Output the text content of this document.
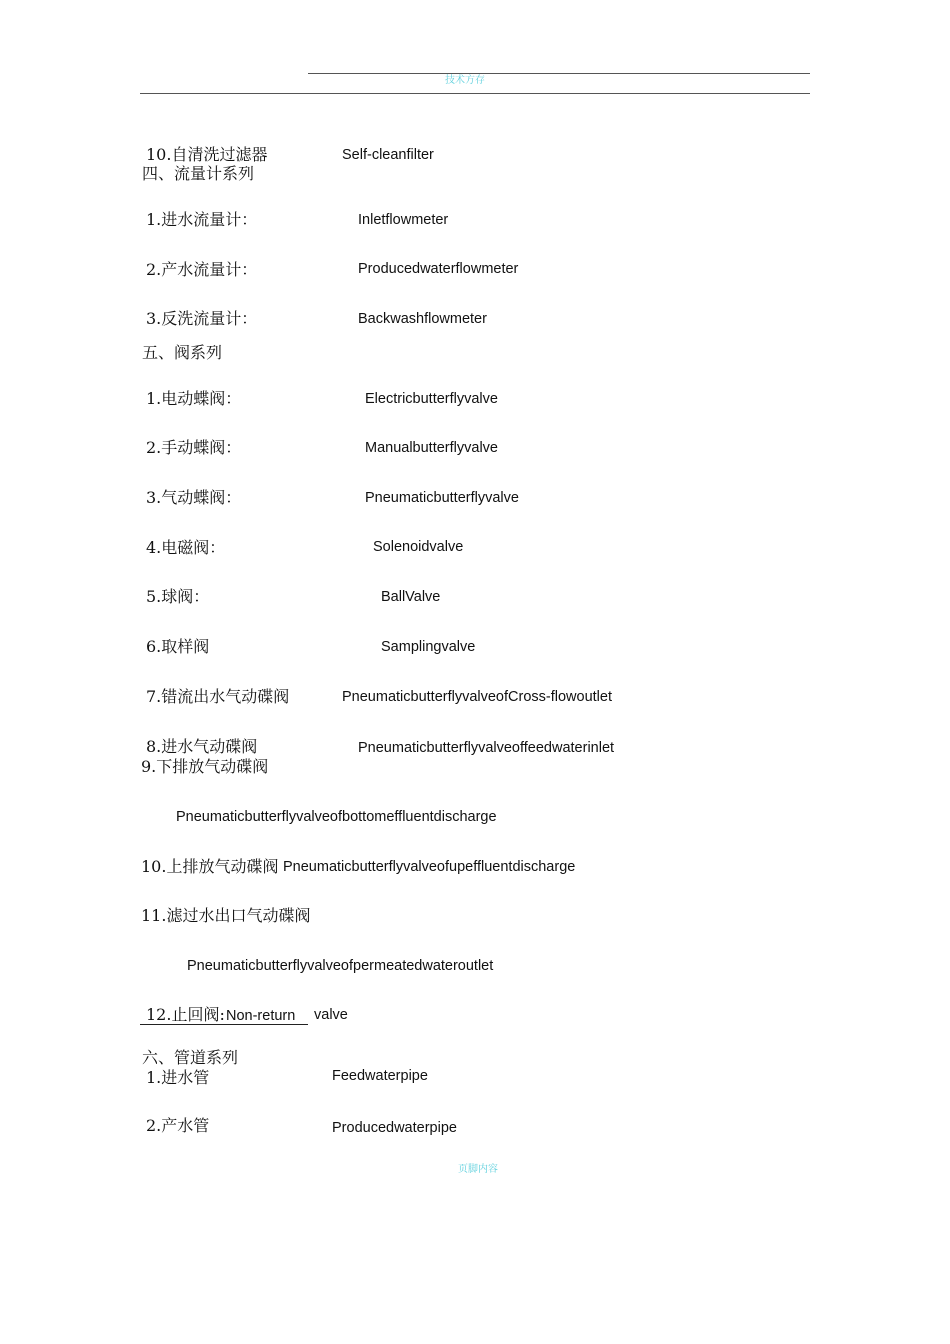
技术方存
10.自清洗过滤器	Self-cleanfilter
四、流量计系列
1.进水流量计：	Inletflowmeter
2.产水流量计：	Producedwaterflowmeter
3.反洗流量计：	Backwashflowmeter
五、阀系列
1.电动蝶阀：	Electricbutterflyvalve
2.手动蝶阀：	Manualbutterflyvalve
3.气动蝶阀：	Pneumaticbutterflyvalve
4.电磁阀：	Solenoidvalve
5.球阀：	BallValve
6.取样阀	Samplingvalve
7.错流出水气动碟阀	PneumaticbutterflyvalveofCross-flowoutlet
8.进水气动碟阀	Pneumaticbutterflyvalveoffeedwaterinlet
9.下排放气动碟阀
Pneumaticbutterflyvalveofbottomeffluentdischarge
10.上排放气动碟阀 Pneumaticbutterflyvalveofupeffluentdischarge
11.滤过水出口气动碟阀
Pneumaticbutterflyvalveofpermeatedwateroutlet
12.止回阀: Non-return valve
六、管道系列
1.进水管	Feedwaterpipe
2.产水管	Producedwaterpipe
页脚内容
